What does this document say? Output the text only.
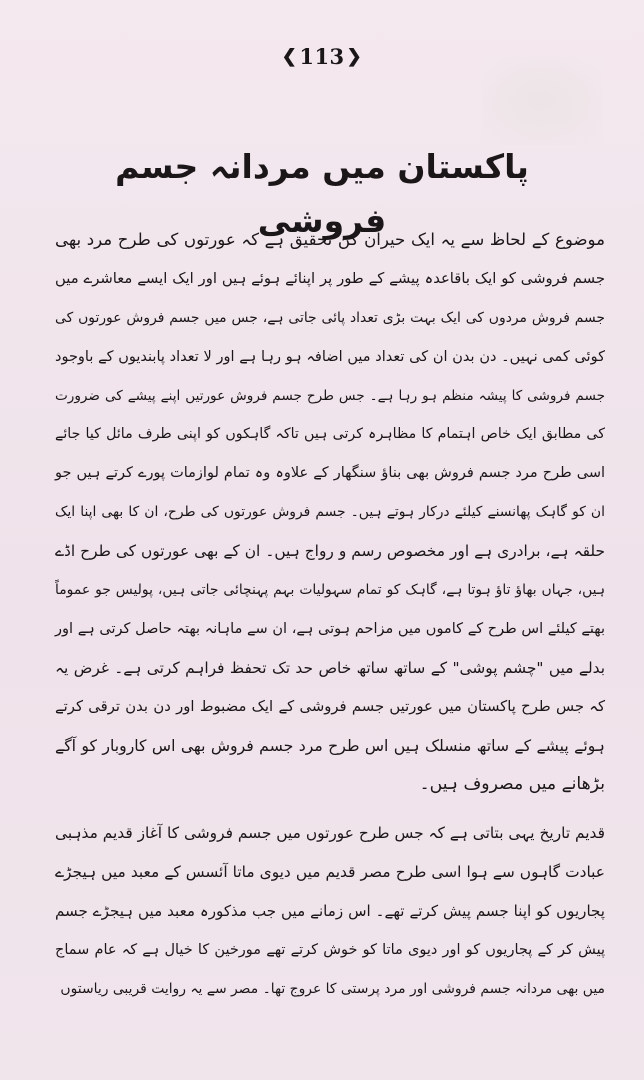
❮ 113 ❯
پاکستان میں مردانہ جسم فروشی
موضوع کے لحاظ سے یہ ایک حیران کن تحقیق ہے کہ عورتوں کی طرح مرد بھی
جسم فروشی کو ایک باقاعدہ پیشے کے طور پر اپنائے ہوئے ہیں اور ایک ایسے معاشرے میں
جسم فروش مردوں کی ایک بہت بڑی تعداد پائی جاتی ہے، جس میں جسم فروش عورتوں کی
کوئی کمی نہیں۔ دن بدن ان کی تعداد میں اضافہ ہو رہا ہے اور لا تعداد پابندیوں کے باوجود
جسم فروشی کا پیشہ منظم ہو رہا ہے۔ جس طرح جسم فروش عورتیں اپنے پیشے کی ضرورت
کی مطابق ایک خاص اہتمام کا مظاہرہ کرتی ہیں تاکہ گاہکوں کو اپنی طرف مائل کیا جائے
اسی طرح مرد جسم فروش بھی بناؤ سنگھار کے علاوہ وہ تمام لوازمات پورے کرتے ہیں جو
ان کو گاہک پھانسنے کیلئے درکار ہوتے ہیں۔ جسم فروش عورتوں کی طرح، ان کا بھی اپنا ایک
حلقہ ہے، برادری ہے اور مخصوص رسم و رواج ہیں۔ ان کے بھی عورتوں کی طرح اڈے
ہیں، جہاں بھاؤ تاؤ ہوتا ہے، گاہک کو تمام سہولیات بہم پہنچائی جاتی ہیں، پولیس جو عموماً
بھتے کیلئے اس طرح کے کاموں میں مزاحم ہوتی ہے، ان سے ماہانہ بھتہ حاصل کرتی ہے اور
بدلے میں "چشم پوشی" کے ساتھ ساتھ خاص حد تک تحفظ فراہم کرتی ہے۔ غرض یہ
کہ جس طرح پاکستان میں عورتیں جسم فروشی کے ایک مضبوط اور دن بدن ترقی کرتے
ہوئے پیشے کے ساتھ منسلک ہیں اس طرح مرد جسم فروش بھی اس کاروبار کو آگے
بڑھانے میں مصروف ہیں۔
قدیم تاریخ یہی بتاتی ہے کہ جس طرح عورتوں میں جسم فروشی کا آغاز قدیم مذہبی
عبادت گاہوں سے ہوا اسی طرح مصر قدیم میں دیوی ماتا آئسس کے معبد میں ہیجڑے
پجاریوں کو اپنا جسم پیش کرتے تھے۔ اس زمانے میں جب مذکورہ معبد میں ہیجڑے جسم
پیش کر کے پجاریوں کو اور دیوی ماتا کو خوش کرتے تھے مورخین کا خیال ہے کہ عام سماج
میں بھی مردانہ جسم فروشی اور مرد پرستی کا عروج تھا۔ مصر سے یہ روایت قریبی ریاستوں
